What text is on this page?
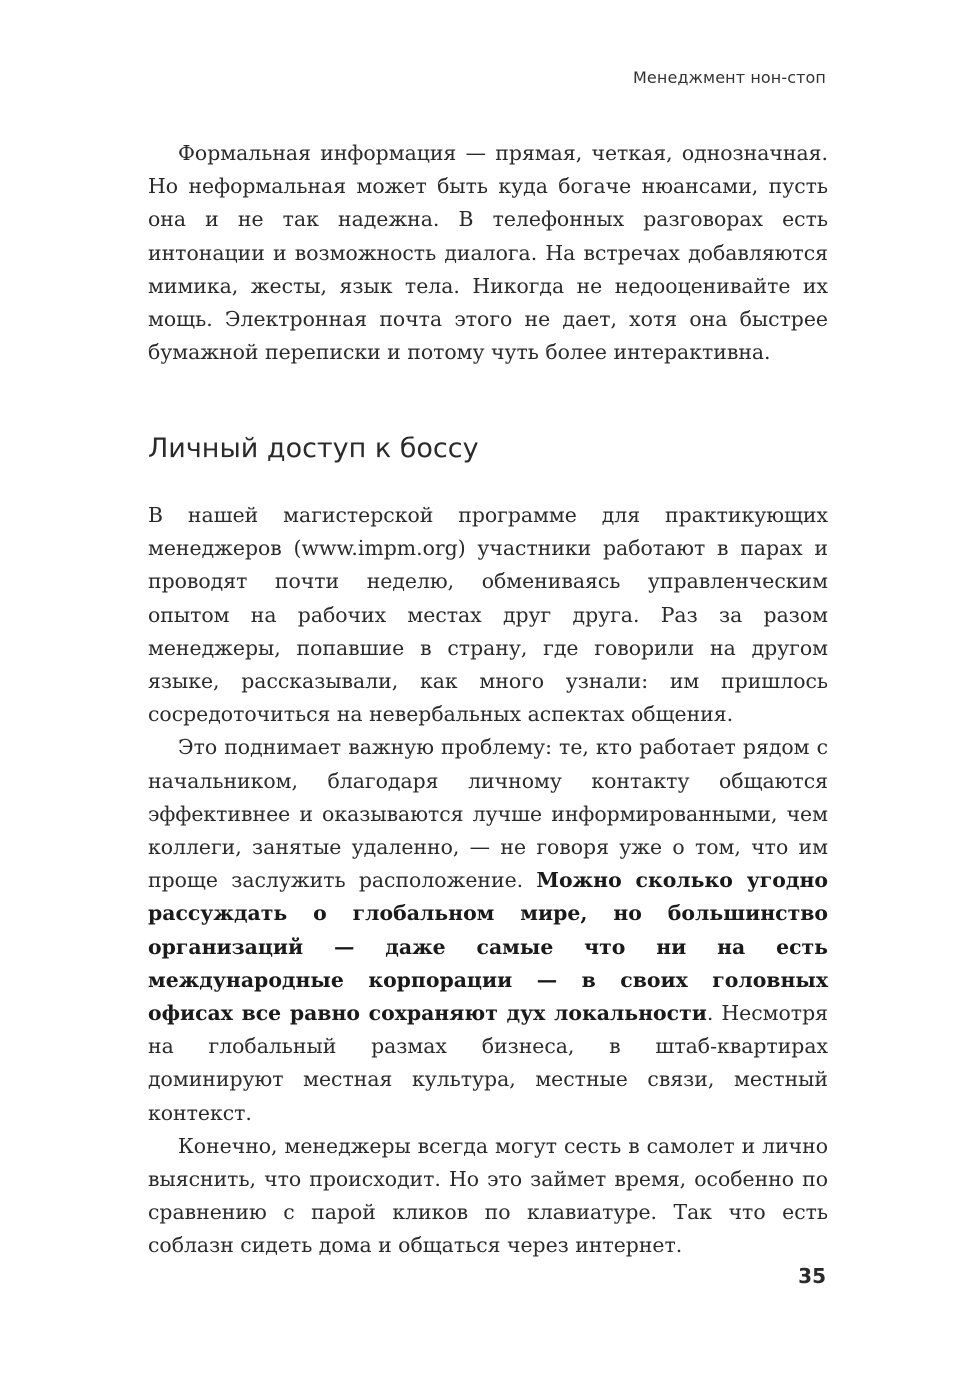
Менеджмент нон-стоп

Формальная информация — прямая, четкая, однозначная. Но неформальная может быть куда богаче нюансами, пусть она и не так надежна. В телефонных разговорах есть интонации и возможность диалога. На встречах добавляются мимика, жесты, язык тела. Никогда не недооценивайте их мощь. Электронная почта этого не дает, хотя она быстрее бумажной переписки и потому чуть более интерактивна.

Личный доступ к боссу

В нашей магистерской программе для практикующих менеджеров (www.impm.org) участники работают в парах и проводят почти неделю, обмениваясь управленческим опытом на рабочих местах друг друга. Раз за разом менеджеры, попавшие в страну, где говорили на другом языке, рассказывали, как много узнали: им пришлось сосредоточиться на невербальных аспектах общения.

Это поднимает важную проблему: те, кто работает рядом с начальником, благодаря личному контакту общаются эффективнее и оказываются лучше информированными, чем коллеги, занятые удаленно, — не говоря уже о том, что им проще заслужить расположение. Можно сколько угодно рассуждать о глобальном мире, но большинство организаций — даже самые что ни на есть международные корпорации — в своих головных офисах все равно сохраняют дух локальности. Несмотря на глобальный размах бизнеса, в штаб-квартирах доминируют местная культура, местные связи, местный контекст.

Конечно, менеджеры всегда могут сесть в самолет и лично выяснить, что происходит. Но это займет время, особенно по сравнению с парой кликов по клавиатуре. Так что есть соблазн сидеть дома и общаться через интернет.

35
